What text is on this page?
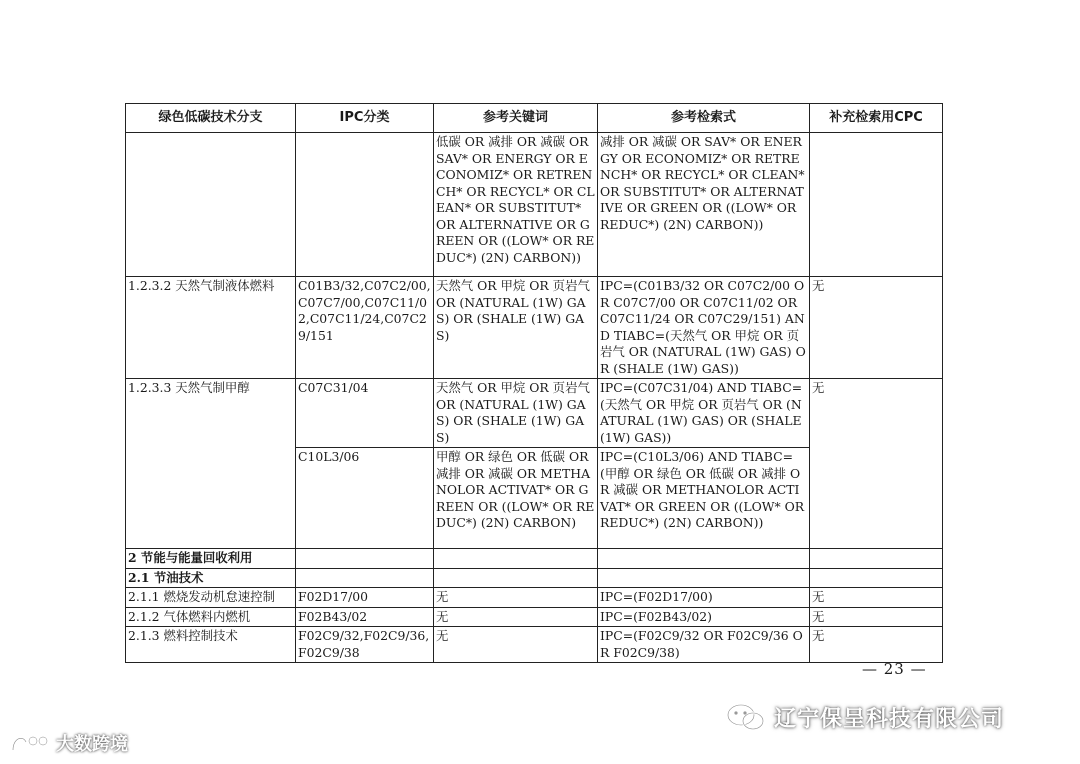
绿色低碳技术分支	IPC分类	参考关键词	参考检索式	补充检索用CPC
		低碳 OR 减排 OR 减碳 OR SAV* OR ENERGY OR ECONOMIZ* OR RETRENCH* OR RECYCL* OR CLEAN* OR SUBSTITUT* OR ALTERNATIVE OR GREEN OR ((LOW* OR REDUC*) (2N) CARBON))	减排 OR 减碳 OR SAV* OR ENERGY OR ECONOMIZ* OR RETRENCH* OR RECYCL* OR CLEAN* OR SUBSTITUT* OR ALTERNATIVE OR GREEN OR ((LOW* OR REDUC*) (2N) CARBON))	
1.2.3.2 天然气制液体燃料	C01B3/32,C07C2/00,C07C7/00,C07C11/02,C07C11/24,C07C29/151	天然气 OR 甲烷 OR 页岩气 OR (NATURAL (1W) GAS) OR (SHALE (1W) GAS)	IPC=(C01B3/32 OR C07C2/00 OR C07C7/00 OR C07C11/02 OR C07C11/24 OR C07C29/151) AND TIABC=(天然气 OR 甲烷 OR 页岩气 OR (NATURAL (1W) GAS) OR (SHALE (1W) GAS))	无
1.2.3.3 天然气制甲醇	C07C31/04	天然气 OR 甲烷 OR 页岩气 OR (NATURAL (1W) GAS) OR (SHALE (1W) GAS)	IPC=(C07C31/04) AND TIABC=(天然气 OR 甲烷 OR 页岩气 OR (NATURAL (1W) GAS) OR (SHALE (1W) GAS))	无
	C10L3/06	甲醇 OR 绿色 OR 低碳 OR 减排 OR 减碳 OR METHANOLOR ACTIVAT* OR GREEN OR ((LOW* OR REDUC*) (2N) CARBON)	IPC=(C10L3/06) AND TIABC=(甲醇 OR 绿色 OR 低碳 OR 减排 OR 减碳 OR METHANOLOR ACTIVAT* OR GREEN OR ((LOW* OR REDUC*) (2N) CARBON))	
2 节能与能量回收利用				
2.1 节油技术				
2.1.1 燃烧发动机怠速控制	F02D17/00	无	IPC=(F02D17/00)	无
2.1.2 气体燃料内燃机	F02B43/02	无	IPC=(F02B43/02)	无
2.1.3 燃料控制技术	F02C9/32,F02C9/36,F02C9/38	无	IPC=(F02C9/32 OR F02C9/36 OR F02C9/38)	无
— 23 —
辽宁保呈科技有限公司
大数跨境
